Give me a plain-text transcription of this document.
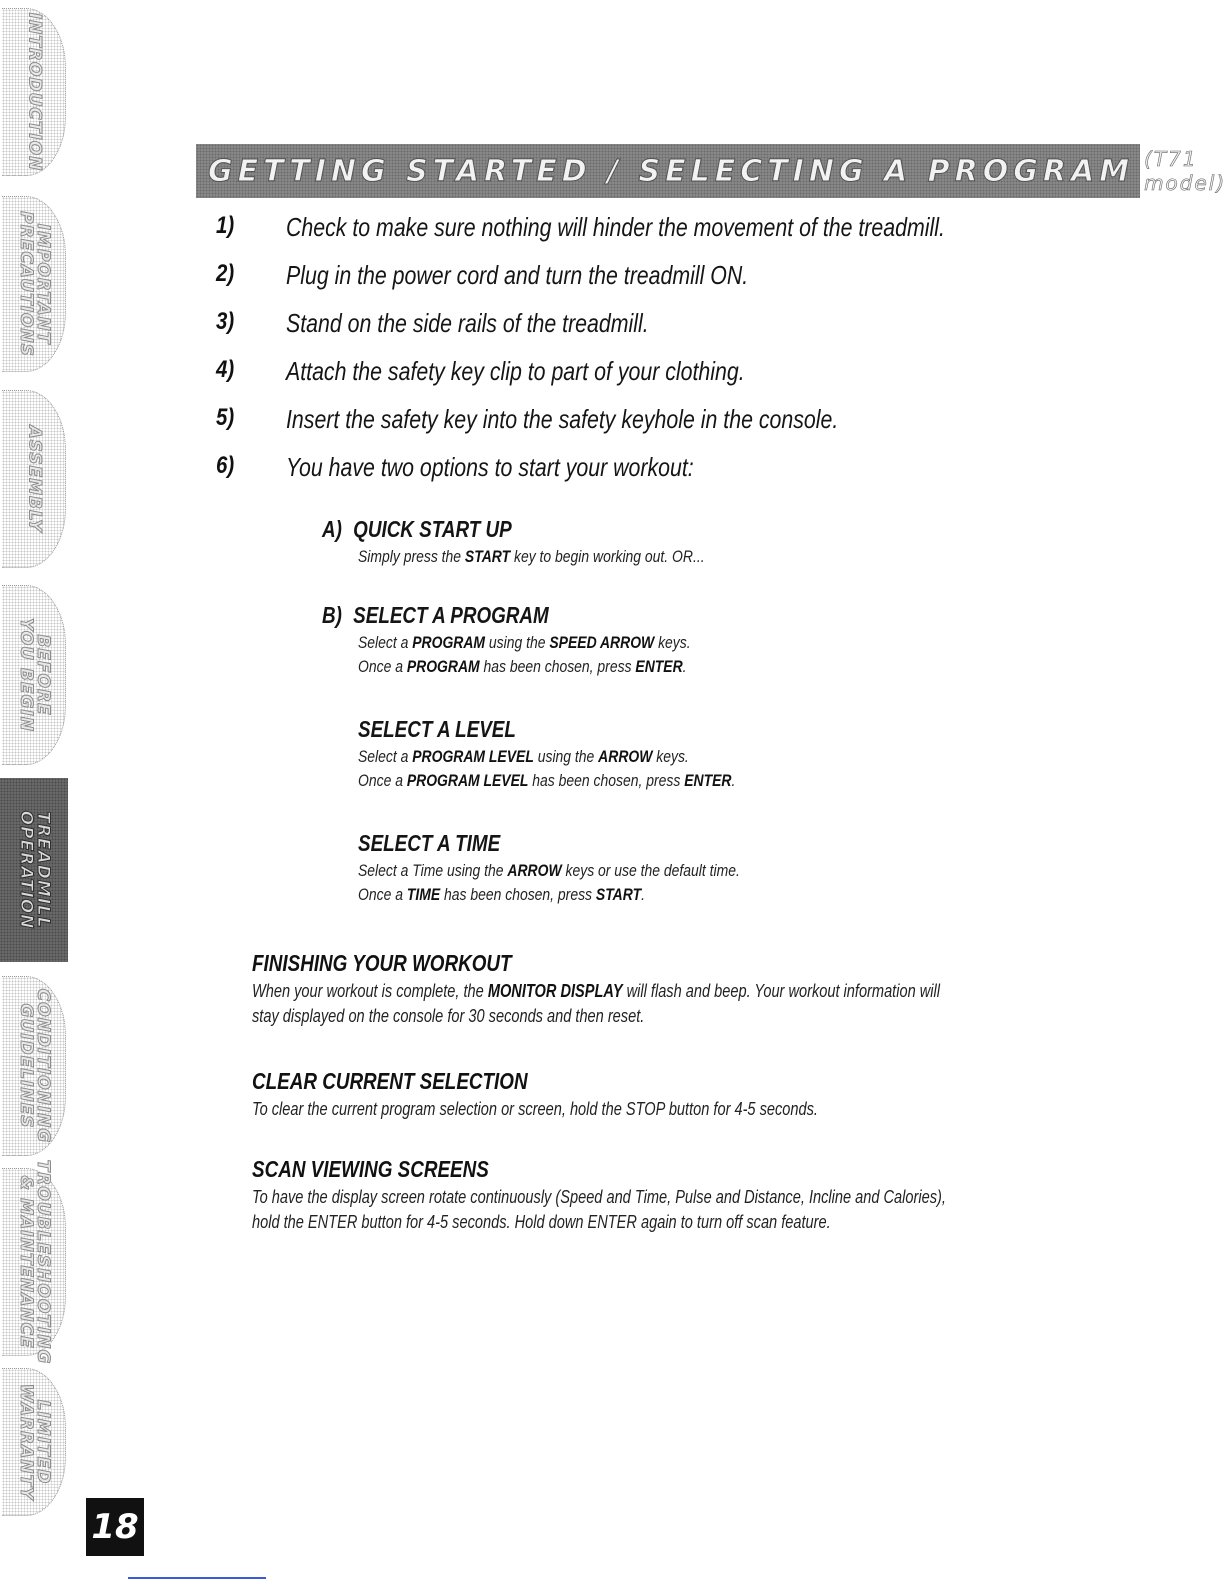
INTRODUCTION
IMPORTANT
PRECAUTIONS
ASSEMBLY
BEFORE
YOU BEGIN
TREADMILL
OPERATION
CONDITIONING
GUIDELINES
TROUBLESHOOTING
& MAINTENANCE
LIMITED
WARRANTY
GETTING STARTED / SELECTING A PROGRAM (T71 model)
1)	Check to make sure nothing will hinder the movement of the treadmill.
2)	Plug in the power cord and turn the treadmill ON.
3)	Stand on the side rails of the treadmill.
4)	Attach the safety key clip to part of your clothing.
5)	Insert the safety key into the safety keyhole in the console.
6)	You have two options to start your workout:
A) QUICK START UP
Simply press the START key to begin working out. OR...
B) SELECT A PROGRAM
Select a PROGRAM using the SPEED ARROW keys.
Once a PROGRAM has been chosen, press ENTER.
SELECT A LEVEL
Select a PROGRAM LEVEL using the ARROW keys.
Once a PROGRAM LEVEL has been chosen, press ENTER.
SELECT A TIME
Select a Time using the ARROW keys or use the default time.
Once a TIME has been chosen, press START.
FINISHING YOUR WORKOUT
When your workout is complete, the MONITOR DISPLAY will flash and beep. Your workout information will
stay displayed on the console for 30 seconds and then reset.
CLEAR CURRENT SELECTION
To clear the current program selection or screen, hold the STOP button for 4-5 seconds.
SCAN VIEWING SCREENS
To have the display screen rotate continuously (Speed and Time, Pulse and Distance, Incline and Calories),
hold the ENTER button for 4-5 seconds. Hold down ENTER again to turn off scan feature.
18
